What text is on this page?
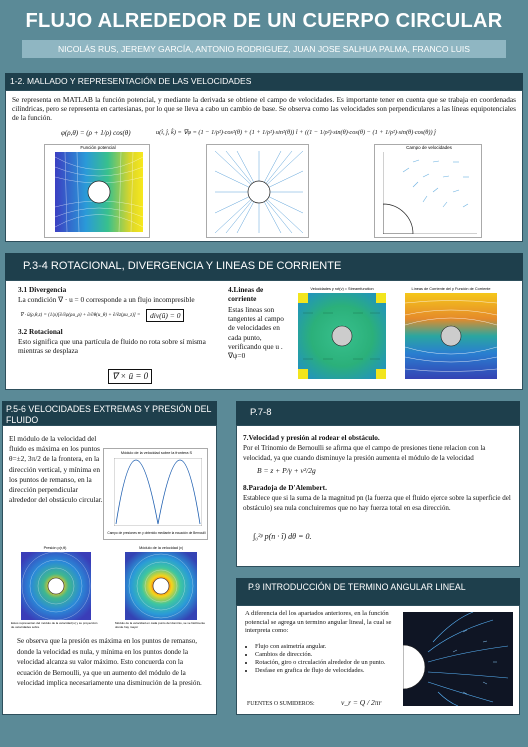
FLUJO ALREDEDOR DE UN CUERPO CIRCULAR
NICOLÁS RUS, JEREMY GARCÍA, ANTONIO RODRIGUEZ, JUAN JOSE SALHUA PALMA, FRANCO LUIS
1-2. MALLADO Y REPRESENTACIÓN DE LAS VELOCIDADES
Se representa en MATLAB la función potencial, y mediante la derivada se obtiene el campo de velocidades. Es importante tener en cuenta que se trabaja en coordenadas cilíndricas, pero se representa en cartesianas, por lo que se lleva a cabo un cambio de base. Se observa como las velocidades son perpendiculares a las líneas equipotenciales de la función.
φ(ρ,θ) = (ρ + 1/ρ) cos(θ)	u(î, ĵ, k̂) = ∇φ = (1 − 1/ρ²)·cos²(θ) + (1 + 1/ρ²)·sin²(θ)) î + ((1 − 1/ρ²)·sin(θ)·cos(θ) − (1 + 1/ρ²)·sin(θ)·cos(θ)) ĵ
Función potencial	Campo de velocidades
P.3-4 ROTACIONAL, DIVERGENCIA Y LINEAS DE CORRIENTE
3.1 Divergencia
La condición ∇ · u = 0 corresponde a un flujo incompresible
∇ · ū(ρ,θ,z) = (1/ρ)[∂/∂ρ(ρu_ρ) + ∂/∂θ(u_θ) + ∂/∂z(ρu_z)] =	div(ū) = 0
3.2 Rotacional
Esto significa que una partícula de fluido no rota sobre sí misma mientras se desplaza
∇ × ū = 0
4.Lineas de corriente
Estas lineas son tangentes al campo de velocidades en cada punto, verificando que u . ∇ψ=0
Velocidades y rot(v) = Streamfunction	Líneas de Corriente del y Función de Corriente
P.5-6 VELOCIDADES EXTREMAS Y PRESIÓN DEL FLUIDO
El módulo de la velocidad del fluido es máxima en los puntos θ=±2, 3π/2 de la frontera, en la dirección vertical, y mínima en los puntos de remanso, en la dirección perpendicular alrededor del obstáculo circular.
Módulo de la velocidad sobre la frontera S
Campo de presiones en y obtenido mediante la ecuación de Bernoulli
Presión p(r,θ)
Estos representan del módulo de la velocidad |u| y su proyección de velocidades sobre
Módulo de la velocidad |v|
Módulo de la velocidad en cada punto del dominio, se ve fácilmente donde hay mayor
Se observa que la presión es máxima en los puntos de remanso, donde la velocidad es nula, y mínima en los puntos donde la velocidad alcanza su valor máximo. Esto concuerda con la ecuación de Bernoulli, ya que un aumento del módulo de la velocidad implica necesariamente una disminución de la presión.
P.7-8
7.Velocidad y presión al rodear el obstáculo.
Por el Trinomio de Bernoulli se afirma que el campo de presiones tiene relacion con la velocidad, ya que cuando disminuye la presión aumenta el módulo de la velocidad
B = z + P/γ + v²/2g
8.Paradoja de D'Alembert.
Establece que si la suma de la magnitud pn (la fuerza que el fluido ejerce sobre la superficie del obstáculo) sea nula concluiremos que no hay fuerza total en esa dirección.
∫₀²ᵖ p(n · î) dθ = 0.
P.9 INTRODUCCIÓN DE TERMINO ANGULAR LINEAL
A diferencia del los apartados anteriores, en la función potencial se agrega un termino angular lineal, la cual se interpreta como:
• Flujo con asimetría angular.
• Cambios de dirección.
• Rotación, giro o circulación alrededor de un punto.
• Desfase en grafica de flujo de velocidades.
FUENTES O SUMIDEROS:	v_r = Q / 2πr
